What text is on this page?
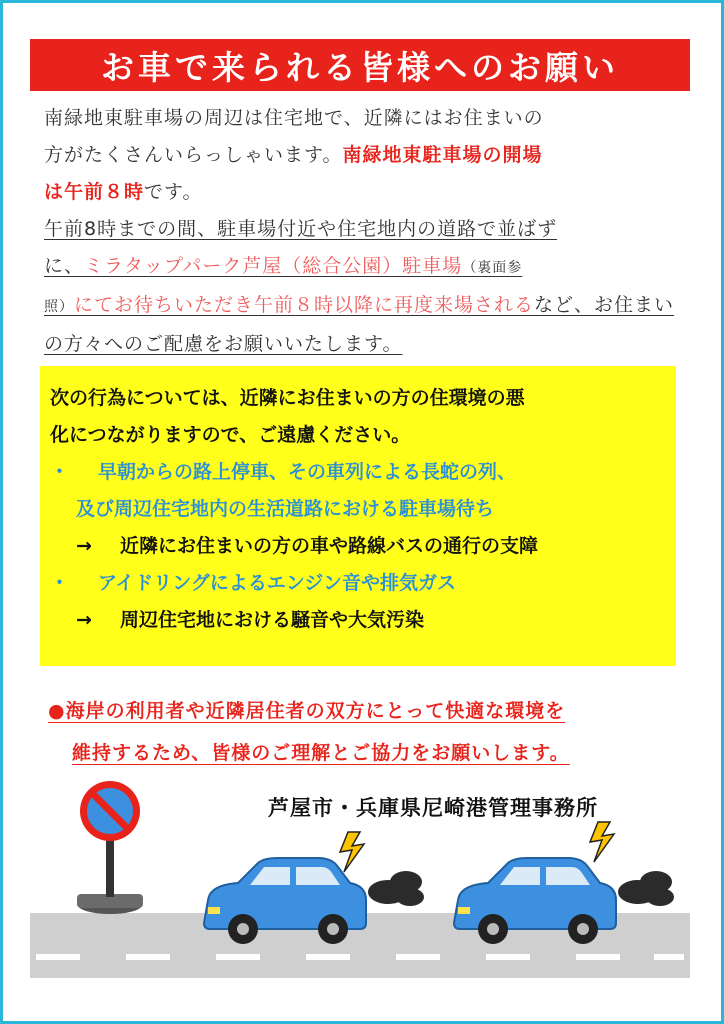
お車で来られる皆様へのお願い
南緑地東駐車場の周辺は住宅地で、近隣にはお住まいの
方がたくさんいらっしゃいます。南緑地東駐車場の開場
は午前８時です。
午前8時までの間、駐車場付近や住宅地内の道路で並ばず
に、ミラタップパーク芦屋（総合公園）駐車場（裏面参
照）にてお待ちいただき午前８時以降に再度来場されるなど、お住まいの方々へのご配慮をお願いいたします。
次の行為については、近隣にお住まいの方の住環境の悪
化につながりますので、ご遠慮ください。
・ 早朝からの路上停車、その車列による長蛇の列、
及び周辺住宅地内の生活道路における駐車場待ち
→ 近隣にお住まいの方の車や路線バスの通行の支障
・ アイドリングによるエンジン音や排気ガス
→ 周辺住宅地における騒音や大気汚染
●海岸の利用者や近隣居住者の双方にとって快適な環境を
維持するため、皆様のご理解とご協力をお願いします。
芦屋市・兵庫県尼崎港管理事務所
